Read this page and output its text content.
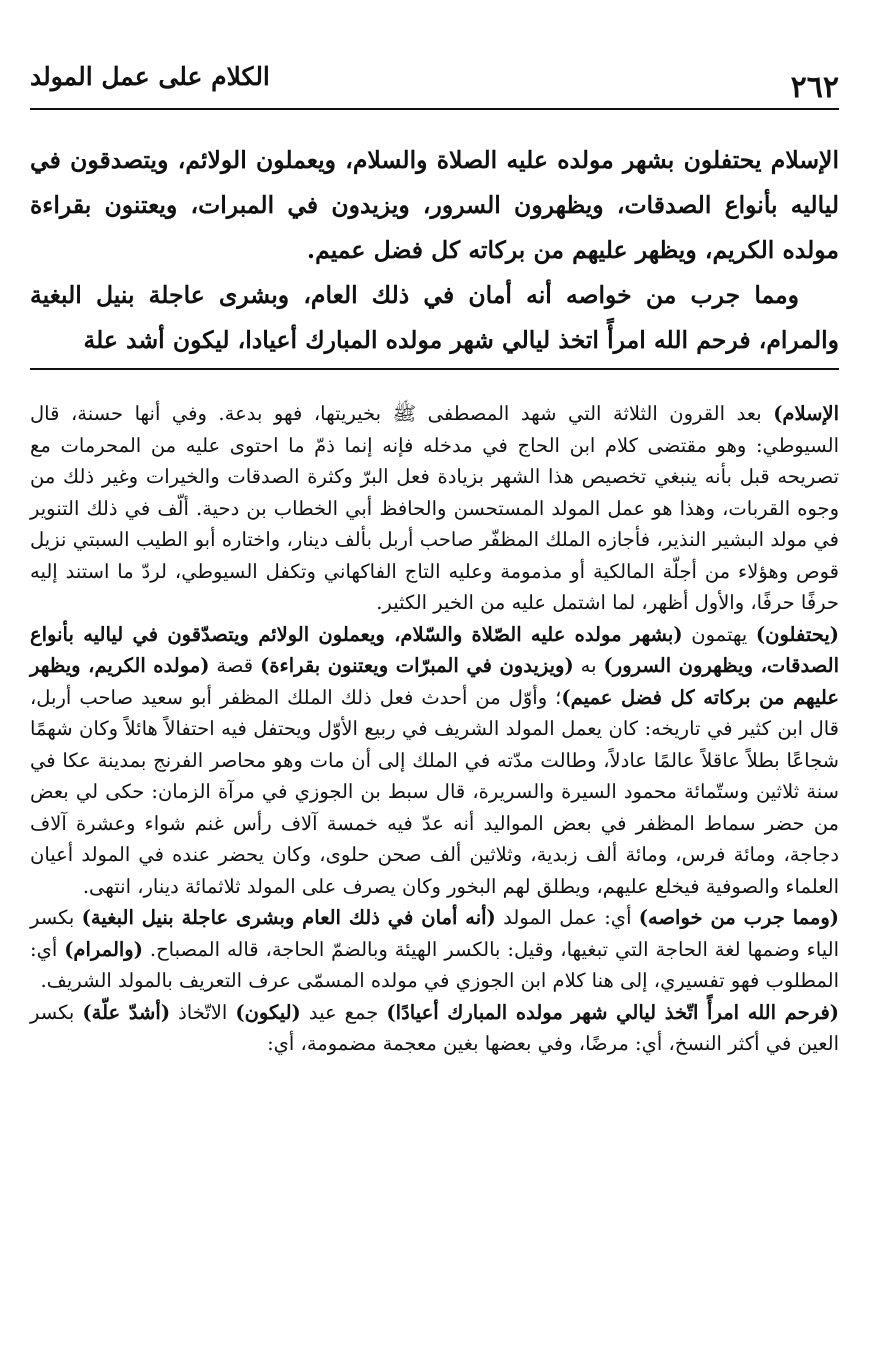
الكلام على عمل المولد	٢٦٢

الإسلام يحتفلون بشهر مولده عليه الصلاة والسلام، ويعملون الولائم، ويتصدقون في لياليه بأنواع الصدقات، ويظهرون السرور، ويزيدون في المبرات، ويعتنون بقراءة مولده الكريم، ويظهر عليهم من بركاته كل فضل عميم.

ومما جرب من خواصه أنه أمان في ذلك العام، وبشرى عاجلة بنيل البغية والمرام، فرحم الله امرأً اتخذ ليالي شهر مولده المبارك أعيادا، ليكون أشد علة

الإسلام) بعد القرون الثلاثة التي شهد المصطفى ﷺ بخيريتها، فهو بدعة. وفي أنها حسنة، قال السيوطي: وهو مقتضى كلام ابن الحاج في مدخله فإنه إنما ذمّ ما احتوى عليه من المحرمات مع تصريحه قبل بأنه ينبغي تخصيص هذا الشهر بزيادة فعل البرّ وكثرة الصدقات والخيرات وغير ذلك من وجوه القربات، وهذا هو عمل المولد المستحسن والحافظ أبي الخطاب بن دحية. ألّف في ذلك التنوير في مولد البشير النذير، فأجازه الملك المظفّر صاحب أربل بألف دينار، واختاره أبو الطيب السبتي نزيل قوص وهؤلاء من أجلّة المالكية أو مذمومة وعليه التاج الفاكهاني وتكفل السيوطي، لردّ ما استند إليه حرفًا حرفًا، والأول أظهر، لما اشتمل عليه من الخير الكثير.

(يحتفلون) يهتمون (بشهر مولده عليه الصّلاة والسّلام، ويعملون الولائم ويتصدّقون في لياليه بأنواع الصدقات، ويظهرون السرور) به (ويزيدون في المبرّات ويعتنون بقراءة) قصة (مولده الكريم، ويظهر عليهم من بركاته كل فضل عميم)؛ وأوّل من أحدث فعل ذلك الملك المظفر أبو سعيد صاحب أربل، قال ابن كثير في تاريخه: كان يعمل المولد الشريف في ربيع الأوّل ويحتفل فيه احتفالاً هائلاً وكان شهمًا شجاعًا بطلاً عاقلاً عالمًا عادلاً، وطالت مدّته في الملك إلى أن مات وهو محاصر الفرنج بمدينة عكا في سنة ثلاثين وستّمائة محمود السيرة والسريرة، قال سبط بن الجوزي في مرآة الزمان: حكى لي بعض من حضر سماط المظفر في بعض المواليد أنه عدّ فيه خمسة آلاف رأس غنم شواء وعشرة آلاف دجاجة، ومائة فرس، ومائة ألف زبدية، وثلاثين ألف صحن حلوى، وكان يحضر عنده في المولد أعيان العلماء والصوفية فيخلع عليهم، ويطلق لهم البخور وكان يصرف على المولد ثلاثمائة دينار، انتهى.

(ومما جرب من خواصه) أي: عمل المولد (أنه أمان في ذلك العام وبشرى عاجلة بنيل البغية) بكسر الياء وضمها لغة الحاجة التي تبغيها، وقيل: بالكسر الهيئة وبالضمّ الحاجة، قاله المصباح. (والمرام) أي: المطلوب فهو تفسيري، إلى هنا كلام ابن الجوزي في مولده المسمّى عرف التعريف بالمولد الشريف.

(فرحم الله امرأً اتّخذ ليالي شهر مولده المبارك أعيادًا) جمع عيد (ليكون) الاتّخاذ (أشدّ علّة) بكسر العين في أكثر النسخ، أي: مرضًا، وفي بعضها بغين معجمة مضمومة، أي:
